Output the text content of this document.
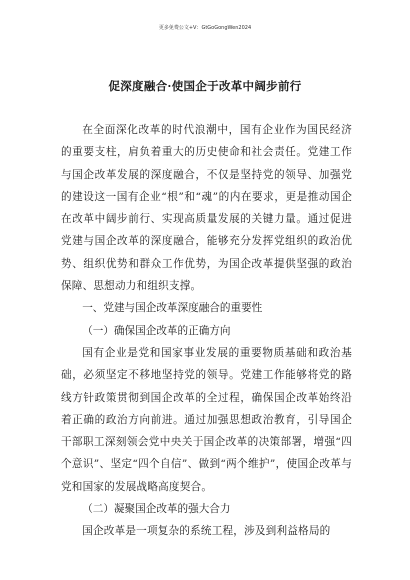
更多免费公文+V：GtGoGongWen2024
促深度融合·使国企于改革中阔步前行

在全面深化改革的时代浪潮中，国有企业作为国民经济的重要支柱，肩负着重大的历史使命和社会责任。党建工作与国企改革发展的深度融合，不仅是坚持党的领导、加强党的建设这一国有企业“根”和“魂”的内在要求，更是推动国企在改革中阔步前行、实现高质量发展的关键力量。通过促进党建与国企改革的深度融合，能够充分发挥党组织的政治优势、组织优势和群众工作优势，为国企改革提供坚强的政治保障、思想动力和组织支撑。

一、党建与国企改革深度融合的重要性

（一）确保国企改革的正确方向

国有企业是党和国家事业发展的重要物质基础和政治基础，必须坚定不移地坚持党的领导。党建工作能够将党的路线方针政策贯彻到国企改革的全过程，确保国企改革始终沿着正确的政治方向前进。通过加强思想政治教育，引导国企干部职工深刻领会党中央关于国企改革的决策部署，增强“四个意识”、坚定“四个自信”、做到“两个维护”，使国企改革与党和国家的发展战略高度契合。

（二）凝聚国企改革的强大合力

国企改革是一项复杂的系统工程，涉及到利益格局的
